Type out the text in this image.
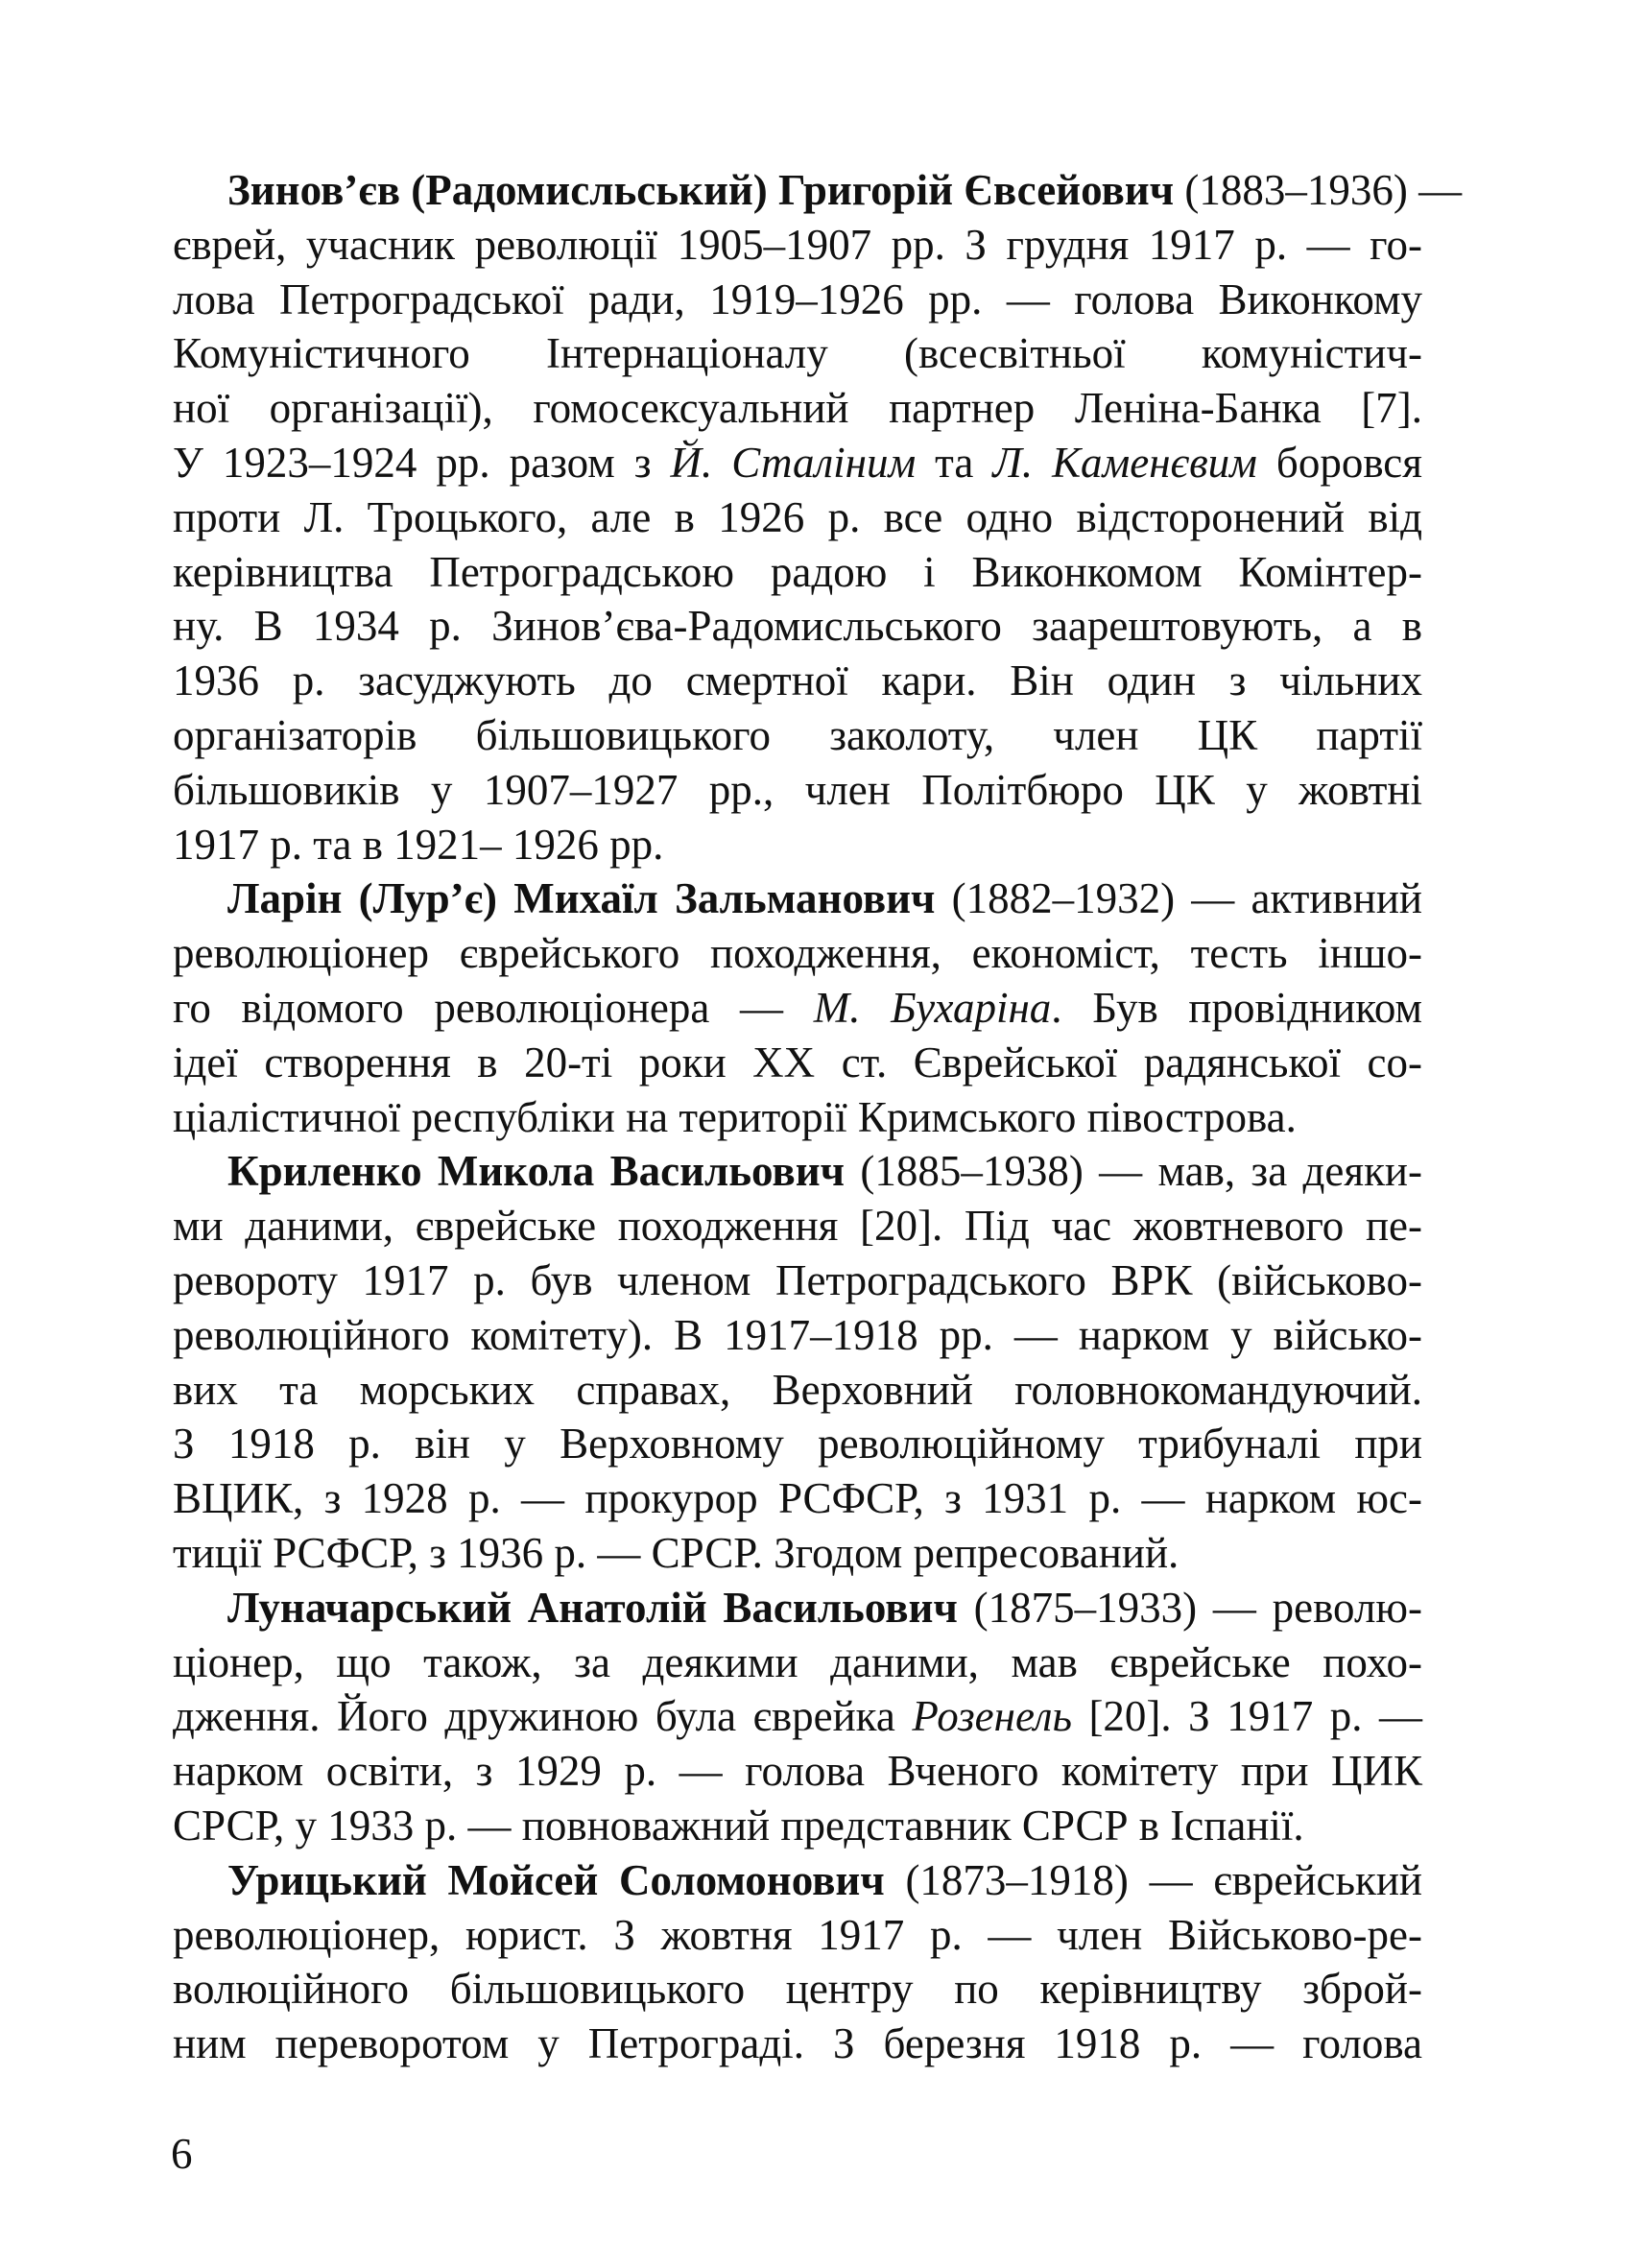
Зинов’єв (Радомисльський) Григорій Євсейович (1883–1936) —
єврей, учасник революції 1905–1907 рр. З грудня 1917 р. — го-
лова Петроградської ради, 1919–1926 рр. — голова Виконкому
Комуністичного Інтернаціоналу (всесвітньої комуністич-
ної організації), гомосексуальний партнер Леніна-Банка [7].
У 1923–1924 рр. разом з Й. Сталіним та Л. Каменєвим боровся
проти Л. Троцького, але в 1926 р. все одно відсторонений від
керівництва Петроградською радою і Виконкомом Комінтер-
ну. В 1934 р. Зинов’єва-Радомисльського заарештовують, а в
1936 р. засуджують до смертної кари. Він один з чільних
організаторів більшовицького заколоту, член ЦК партії
більшовиків у 1907–1927 рр., член Політбюро ЦК у жовтні
1917 р. та в 1921– 1926 рр.
Ларін (Лур’є) Михаїл Зальманович (1882–1932) — активний
революціонер єврейського походження, економіст, тесть іншо-
го відомого революціонера — М. Бухаріна. Був провідником
ідеї створення в 20-ті роки XX ст. Єврейської радянської со-
ціалістичної республіки на території Кримського півострова.
Криленко Микола Васильович (1885–1938) — мав, за деяки-
ми даними, єврейське походження [20]. Під час жовтневого пе-
ревороту 1917 р. був членом Петроградського ВРК (військово-
революційного комітету). В 1917–1918 рр. — нарком у військо-
вих та морських справах, Верховний головнокомандуючий.
З 1918 р. він у Верховному революційному трибуналі при
ВЦИК, з 1928 р. — прокурор РСФСР, з 1931 р. — нарком юс-
тиції РСФСР, з 1936 р. — СРСР. Згодом репресований.
Луначарський Анатолій Васильович (1875–1933) — револю-
ціонер, що також, за деякими даними, мав єврейське похо-
дження. Його дружиною була єврейка Розенель [20]. З 1917 р. —
нарком освіти, з 1929 р. — голова Вченого комітету при ЦИК
СРСР, у 1933 р. — повноважний представник СРСР в Іспанії.
Урицький Мойсей Соломонович (1873–1918) — єврейський
революціонер, юрист. З жовтня 1917 р. — член Військово-ре-
волюційного більшовицького центру по керівництву зброй-
ним переворотом у Петрограді. З березня 1918 р. — голова
6
